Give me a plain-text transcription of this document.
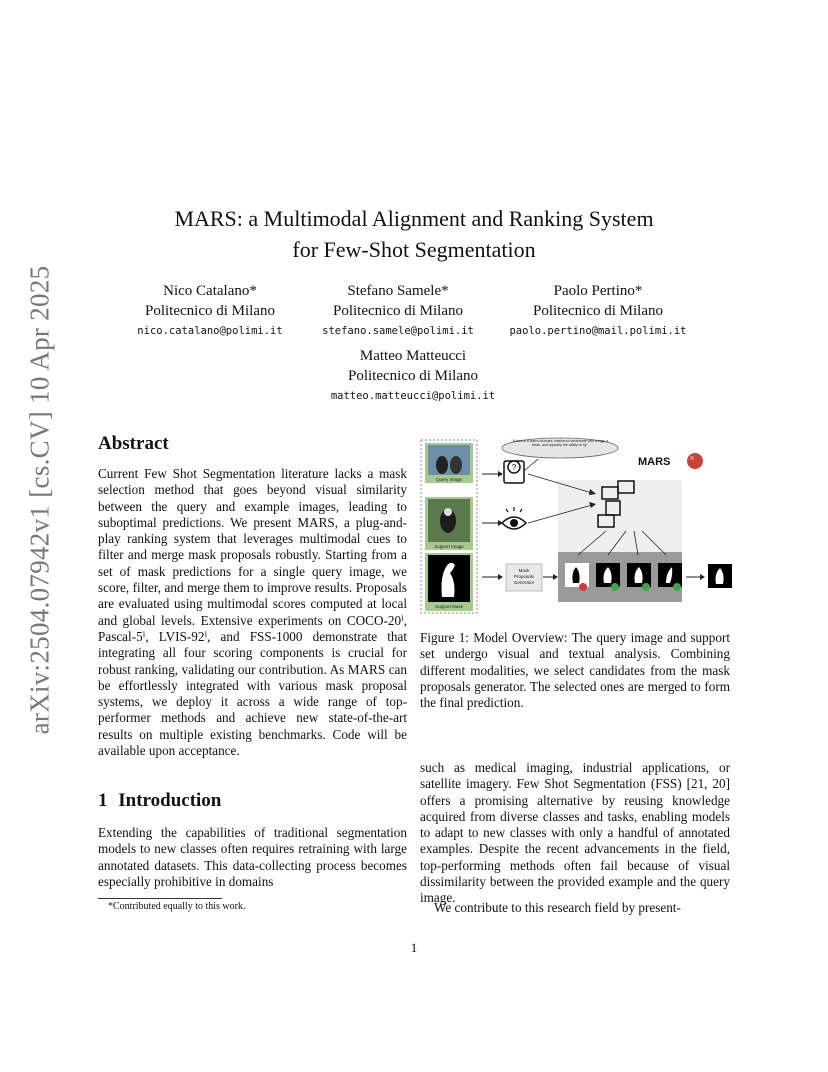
arXiv:2504.07942v1 [cs.CV] 10 Apr 2025
MARS: a Multimodal Alignment and Ranking System
for Few-Shot Segmentation
Nico Catalano*
Politecnico di Milano
nico.catalano@polimi.it
Stefano Samele*
Politecnico di Milano
stefano.samele@polimi.it
Paolo Pertino*
Politecnico di Milano
paolo.pertino@mail.polimi.it
Matteo Matteucci
Politecnico di Milano
matteo.matteucci@polimi.it
Abstract
Current Few Shot Segmentation literature lacks a mask selection method that goes beyond visual similarity between the query and example images, leading to suboptimal predictions. We present MARS, a plug-and-play ranking system that leverages multimodal cues to filter and merge mask proposals robustly. Starting from a set of mask predictions for a single query image, we score, filter, and merge them to improve results. Proposals are evaluated using multimodal scores computed at local and global levels. Extensive experiments on COCO-20ⁱ, Pascal-5ⁱ, LVIS-92ⁱ, and FSS-1000 demonstrate that integrating all four scoring components is crucial for robust ranking, validating our contribution. As MARS can be effortlessly integrated with various mask proposal systems, we deploy it across a wide range of top-performer methods and achieve new state-of-the-art results on multiple existing benchmarks. Code will be available upon acceptance.
1 Introduction
Extending the capabilities of traditional segmentation models to new classes often requires retraining with large annotated datasets. This data-collecting process becomes especially prohibitive in domains
Query Image
Support Image
Support Mask
?
"A bird is a warm-blooded, feathered vertebrate with wings, a beak, and typically the ability to fly"
MARS
Mask
Proposals
Generator
Figure 1: Model Overview: The query image and support set undergo visual and textual analysis. Combining different modalities, we select candidates from the mask proposals generator. The selected ones are merged to form the final prediction.
such as medical imaging, industrial applications, or satellite imagery. Few Shot Segmentation (FSS) [21, 20] offers a promising alternative by reusing knowledge acquired from diverse classes and tasks, enabling models to adapt to new classes with only a handful of annotated examples. Despite the recent advancements in the field, top-performing methods often fail because of visual dissimilarity between the provided example and the query image.
We contribute to this research field by present-
*Contributed equally to this work.
1
